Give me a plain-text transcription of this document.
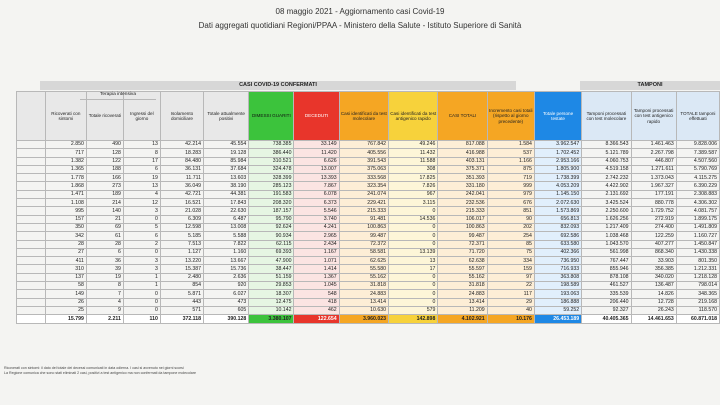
08 maggio 2021 - Aggiornamento casi Covid-19
Dati aggregati quotidiani Regioni/PPAA - Ministero della Salute - Istituto Superiore di Sanità
CASI COVID-19 CONFERMATI	TAMPONI
	Ricoverati con sintomi	Totale ricoverati	Ingressi del giorno	Isolamento domiciliare	Totale attualmente positivi	DIMESSI GUARITI	DECEDUTI	Casi identificati da test molecolare	Casi identificati da test antigenico rapido	CASI TOTALI	Incremento casi totali (rispetto al giorno precedente)	Totale persone testate	Tamponi processati con test molecolare	Tamponi processati con test antigenico rapido	TOTALE tamponi effettuati
	2.850	490	13	42.214	45.554	738.385	33.149	767.842	49.246	817.088	1.584	3.962.547	8.366.543	1.461.463	9.828.006
	717	128	8	18.283	19.128	386.440	11.420	405.556	11.432	416.988	537	1.702.452	5.121.789	2.267.798	7.389.587
	1.382	122	17	84.480	85.984	310.521	6.626	391.543	11.588	403.131	1.166	2.953.166	4.060.753	446.807	4.507.560
	1.365	188	6	36.131	37.684	324.478	13.007	375.063	308	375.371	875	1.805.900	4.519.158	1.271.611	5.790.769
	1.778	166	19	11.711	13.603	328.399	13.393	333.568	17.825	351.393	719	1.738.399	2.742.232	1.373.043	4.115.275
	1.868	273	13	36.049	38.190	285.123	7.867	323.354	7.826	331.180	999	4.053.209	4.422.902	1.967.327	6.390.229
	1.471	189	4	42.721	44.381	191.583	6.078	241.074	967	242.041	979	1.145.150	2.131.692	177.191	2.308.883
	1.108	214	12	16.521	17.843	208.320	6.373	229.421	3.115	232.536	676	2.072.630	3.425.524	880.778	4.306.302
	995	140	3	21.028	22.630	187.157	5.546	215.333	0	215.333	851	1.573.869	2.250.600	1.729.752	4.081.757
	157	21	0	6.309	6.487	95.790	3.740	91.481	14.536	106.017	90	656.813	1.626.256	272.919	1.899.175
	350	69	5	12.598	13.008	92.624	4.241	100.863	0	100.863	202	832.093	1.217.409	274.400	1.491.809
	342	61	6	5.185	5.588	90.934	2.965	99.487	0	99.487	254	692.586	1.038.468	122.259	1.160.727
	28	28	2	7.513	7.822	62.115	2.434	72.372	0	72.371	85	633.580	1.043.570	407.277	1.450.847
	27	6	0	1.127	1.160	69.393	1.167	58.581	13.139	71.720	75	402.366	561.998	868.340	1.430.338
	411	36	3	13.220	13.667	47.900	1.071	62.625	13	62.638	334	736.950	767.447	33.903	801.350
	310	39	3	15.387	15.736	38.447	1.414	55.580	17	55.597	159	716.933	855.946	356.385	1.212.331
	137	19	1	2.480	2.636	51.159	1.367	55.162	0	55.162	97	363.808	878.108	340.020	1.218.128
	58	8	1	854	920	29.853	1.045	31.818	0	31.818	22	198.589	461.527	136.487	798.014
	149	7	0	5.871	6.027	18.307	548	24.883	0	24.883	117	193.063	335.539	14.826	348.365
	26	4	0	443	473	12.475	418	13.414	0	13.414	29	186.888	206.440	12.728	219.168
	25	9	0	571	605	10.142	462	10.630	579	11.209	40	59.252	92.327	26.243	118.570
	15.799	2.211	110	372.118	390.128	3.380.107	122.654	3.960.023	142.898	4.102.921	10.176	26.453.189	40.405.365	14.461.653	60.871.018
Terapia intensiva
Ricoverati con sintomi: il dato del totale dei decessi comunicati in data odierna. I casi si avvenuto nei giorni scorsi
La Regione comunica che sono stati eliminati 2 casi, positivi a test antigenico ma non confermati da tampone molecolare
